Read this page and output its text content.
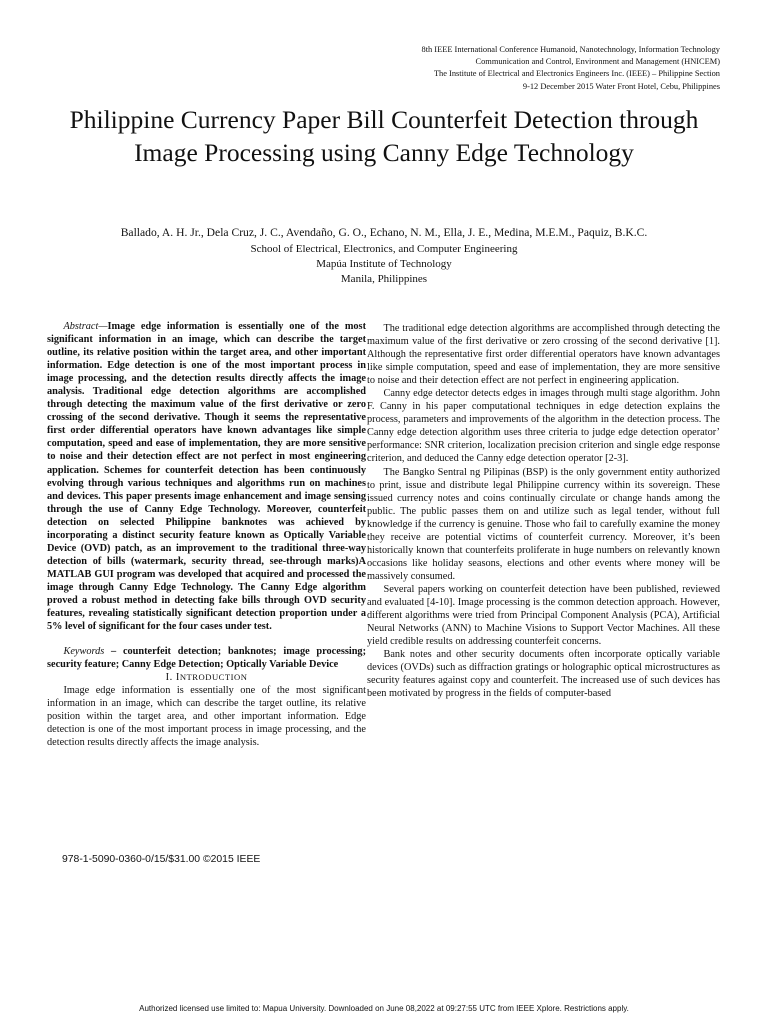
8th IEEE International Conference Humanoid, Nanotechnology, Information Technology
Communication and Control, Environment and Management (HNICEM)
The Institute of Electrical and Electronics Engineers Inc. (IEEE) – Philippine Section
9-12 December 2015 Water Front Hotel, Cebu, Philippines
Philippine Currency Paper Bill Counterfeit Detection through Image Processing using Canny Edge Technology
Ballado, A. H. Jr., Dela Cruz, J. C., Avendaño, G. O., Echano, N. M., Ella, J. E., Medina, M.E.M., Paquiz, B.K.C.
School of Electrical, Electronics, and Computer Engineering
Mapúa Institute of Technology
Manila, Philippines

Abstract—Image edge information is essentially one of the most significant information in an image, which can describe the target outline, its relative position within the target area, and other important information. Edge detection is one of the most important process in image processing, and the detection results directly affects the image analysis. Traditional edge detection algorithms are accomplished through detecting the maximum value of the first derivative or zero crossing of the second derivative. Though it seems the representative first order differential operators have known advantages like simple computation, speed and ease of implementation, they are more sensitive to noise and their detection effect are not perfect in most engineering application. Schemes for counterfeit detection has been continuously evolving through various techniques and algorithms run on machines and devices. This paper presents image enhancement and image sensing through the use of Canny Edge Technology. Moreover, counterfeit detection on selected Philippine banknotes was achieved by incorporating a distinct security feature known as Optically Variable Device (OVD) patch, as an improvement to the traditional three-way detection of bills (watermark, security thread, see-through marks)A MATLAB GUI program was developed that acquired and processed the image through Canny Edge Technology. The Canny Edge algorithm proved a robust method in detecting fake bills through OVD security features, revealing statistically significant detection proportion under a 5% level of significant for the four cases under test.

Keywords – counterfeit detection; banknotes; image processing; security feature; Canny Edge Detection; Optically Variable Device

I. INTRODUCTION

Image edge information is essentially one of the most significant information in an image, which can describe the target outline, its relative position within the target area, and other important information. Edge detection is one of the most important process in image processing, and the detection results directly affects the image analysis.

978-1-5090-0360-0/15/$31.00 ©2015 IEEE

The traditional edge detection algorithms are accomplished through detecting the maximum value of the first derivative or zero crossing of the second derivative [1]. Although the representative first order differential operators have known advantages like simple computation, speed and ease of implementation, they are more sensitive to noise and their detection effect are not perfect in engineering application.

Canny edge detector detects edges in images through multi stage algorithm. John F. Canny in his paper computational techniques in edge detection explains the process, parameters and improvements of the algorithm in the detection process. The Canny edge detection algorithm uses three criteria to judge edge detection operator’ performance: SNR criterion, localization precision criterion and single edge response criterion, and deduced the Canny edge detection operator [2-3].

The Bangko Sentral ng Pilipinas (BSP) is the only government entity authorized to print, issue and distribute legal Philippine currency within its sovereign. These issued currency notes and coins continually circulate or change hands among the public. The public passes them on and utilize such as legal tender, without full knowledge if the currency is genuine. Those who fail to carefully examine the money they receive are potential victims of counterfeit currency. Moreover, it’s been historically known that counterfeits proliferate in huge numbers on relevantly known occasions like holiday seasons, elections and other events where money will be massively consumed.

Several papers working on counterfeit detection have been published, reviewed and evaluated [4-10]. Image processing is the common detection approach. However, different algorithms were tried from Principal Component Analysis (PCA), Artificial Neural Networks (ANN) to Machine Visions to Support Vector Machines. All these yield credible results on addressing counterfeit concerns.

Bank notes and other security documents often incorporate optically variable devices (OVDs) such as diffraction gratings or holographic optical microstructures as security features against copy and counterfeit. The increased use of such devices has been motivated by progress in the fields of computer-based

Authorized licensed use limited to: Mapua University. Downloaded on June 08,2022 at 09:27:55 UTC from IEEE Xplore. Restrictions apply.
